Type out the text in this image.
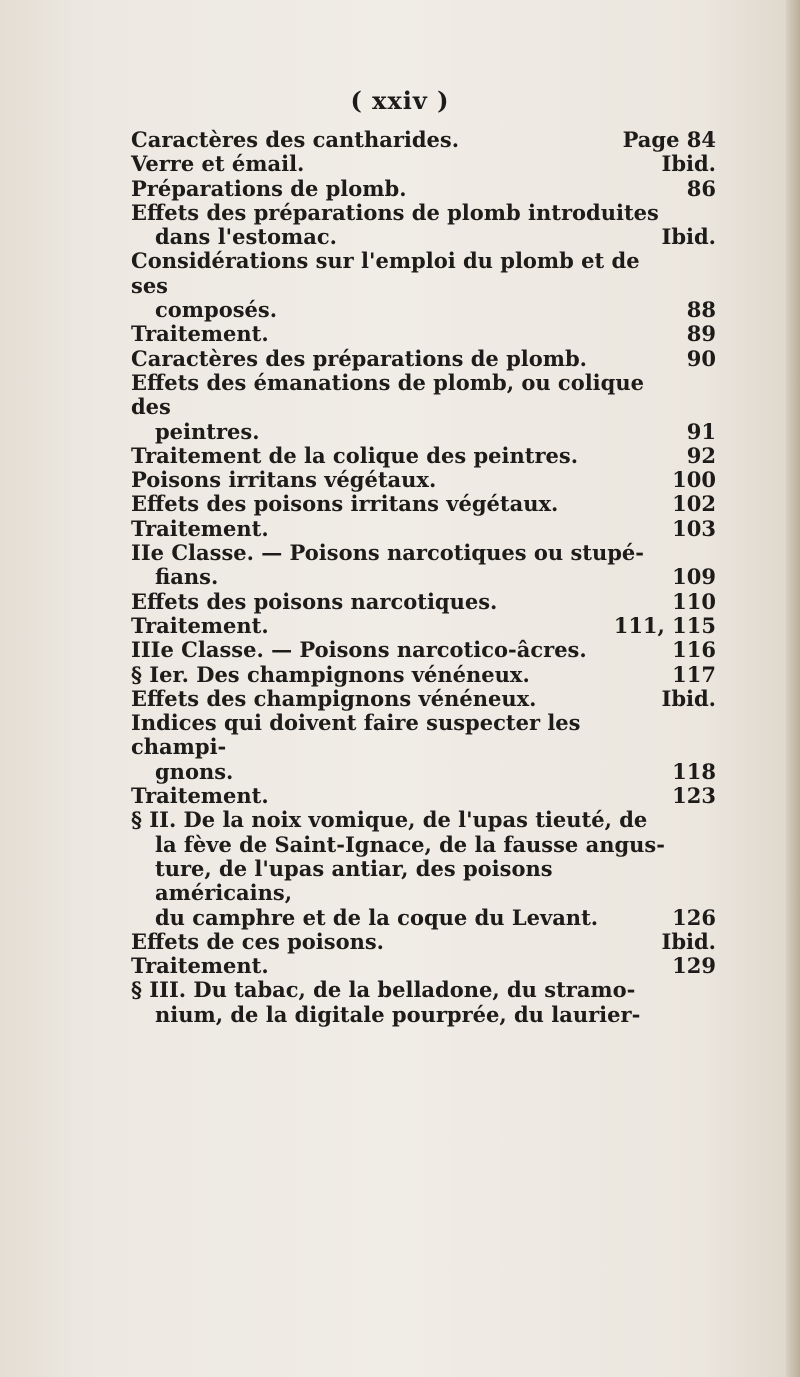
( xxiv )
Caractères des cantharides.	Page 84
Verre et émail.	Ibid.
Préparations de plomb.	86
Effets des préparations de plomb introduites
dans l'estomac.	Ibid.
Considérations sur l'emploi du plomb et de ses
composés.	88
Traitement.	89
Caractères des préparations de plomb.	90
Effets des émanations de plomb, ou colique des
peintres.	91
Traitement de la colique des peintres.	92
Poisons irritans végétaux.	100
Effets des poisons irritans végétaux.	102
Traitement.	103
IIe Classe. — Poisons narcotiques ou stupé-
fians.	109
Effets des poisons narcotiques.	110
Traitement.	111, 115
IIIe Classe. — Poisons narcotico-âcres.	116
§ Ier. Des champignons vénéneux.	117
Effets des champignons vénéneux.	Ibid.
Indices qui doivent faire suspecter les champi-
gnons.	118
Traitement.	123
§ II. De la noix vomique, de l'upas tieuté, de
la fève de Saint-Ignace, de la fausse angus-
ture, de l'upas antiar, des poisons américains,
du camphre et de la coque du Levant.	126
Effets de ces poisons.	Ibid.
Traitement.	129
§ III. Du tabac, de la belladone, du stramo-
nium, de la digitale pourprée, du laurier-
